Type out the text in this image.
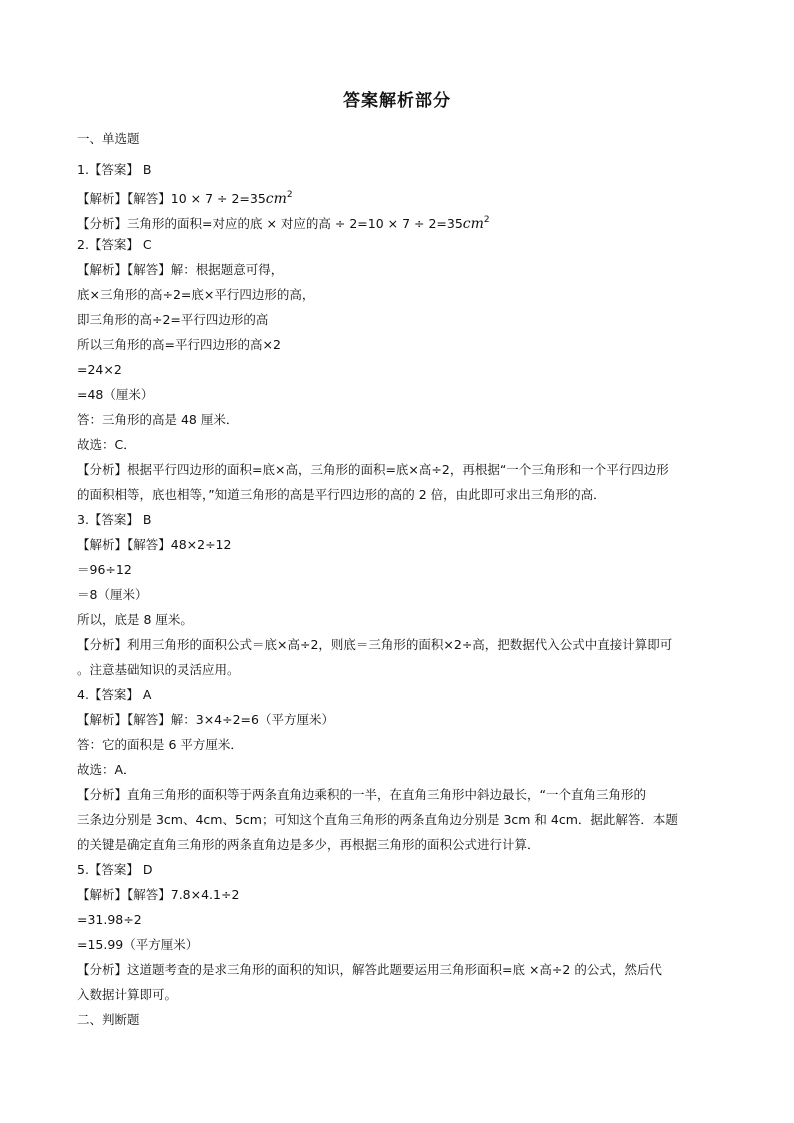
答案解析部分
一、单选题
1.【答案】 B
【解析】【解答】$10 \times 7 \div 2=35cm^2$
【分析】三角形的面积=对应的底 × 对应的高 ÷ $2=10 \times 7 \div 2=35cm^2$
2.【答案】 C
【解析】【解答】解：根据题意可得，
底×三角形的高÷2=底×平行四边形的高，
即三角形的高÷2=平行四边形的高
所以三角形的高=平行四边形的高×2
=24×2
=48（厘米）
答：三角形的高是 48 厘米．
故选：C．
【分析】根据平行四边形的面积=底×高，三角形的面积=底×高÷2，再根据“一个三角形和一个平行四边形
的面积相等，底也相等，”知道三角形的高是平行四边形的高的 2 倍，由此即可求出三角形的高．
3.【答案】 B
【解析】【解答】48×2÷12
＝96÷12
＝8（厘米）
所以，底是 8 厘米。
【分析】利用三角形的面积公式＝底×高÷2，则底＝三角形的面积×2÷高，把数据代入公式中直接计算即可
。注意基础知识的灵活应用。
4.【答案】 A
【解析】【解答】解：3×4÷2=6（平方厘米）
答：它的面积是 6 平方厘米．
故选：A．
【分析】直角三角形的面积等于两条直角边乘积的一半，在直角三角形中斜边最长，“一个直角三角形的
三条边分别是 3cm、4cm、5cm；可知这个直角三角形的两条直角边分别是 3cm 和 4cm．据此解答．本题
的关键是确定直角三角形的两条直角边是多少，再根据三角形的面积公式进行计算．
5.【答案】 D
【解析】【解答】7.8×4.1÷2
=31.98÷2
=15.99（平方厘米）
【分析】这道题考查的是求三角形的面积的知识，解答此题要运用三角形面积=底 ×高÷2 的公式，然后代
入数据计算即可。
二、判断题
